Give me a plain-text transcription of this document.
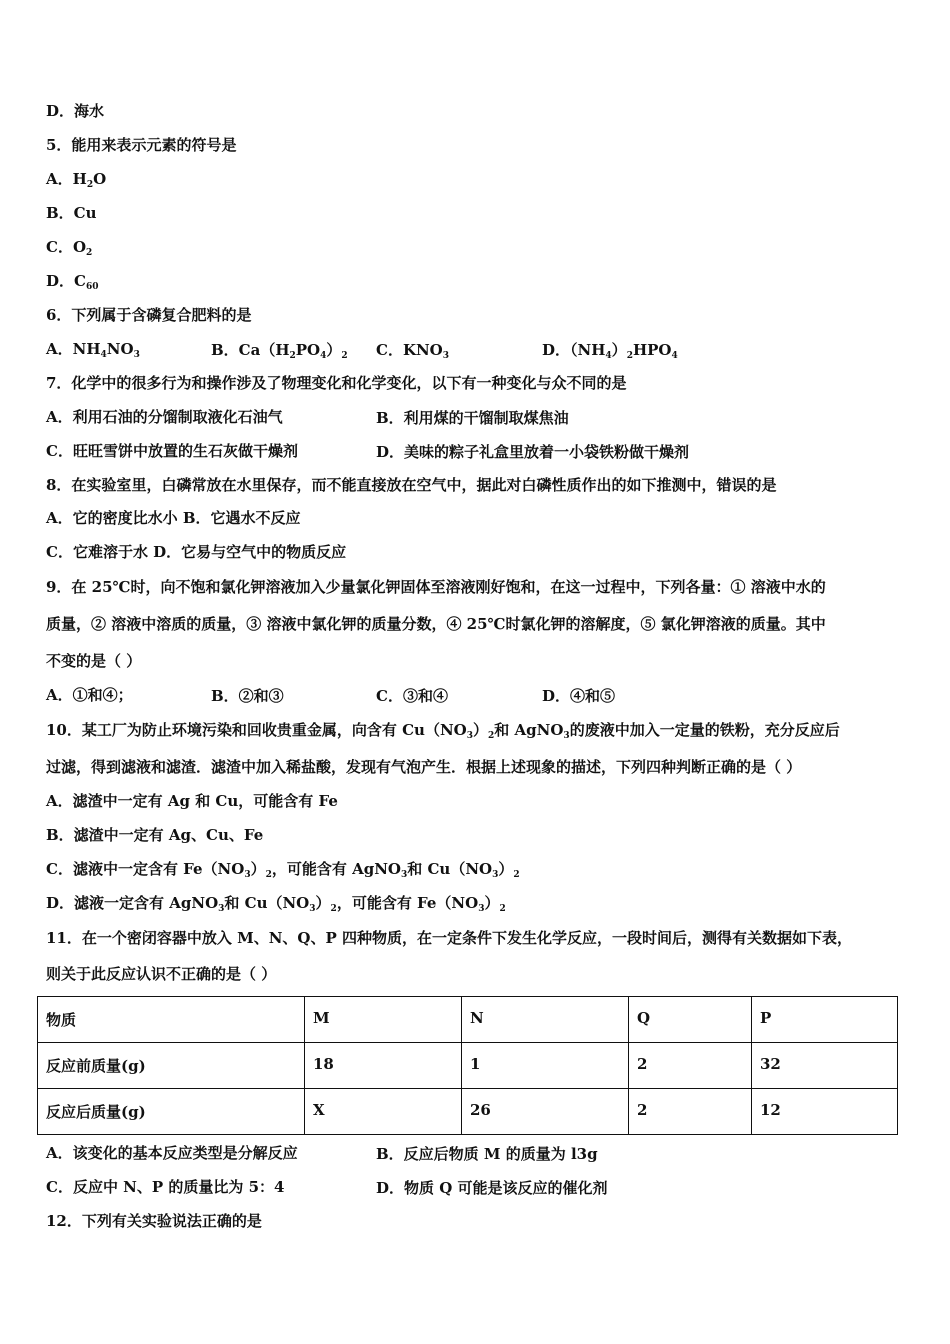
D．海水
5．能用来表示元素的符号是
A．$H_2O$
B．Cu
C．$O_2$
D．$C_{60}$
6．下列属于含磷复合肥料的是
A．$NH_4NO_3$	B．$Ca(H_2PO_4)_2$ C．$KNO_3$	D．$(NH_4)_2HPO_4$
7．化学中的很多行为和操作涉及了物理变化和化学变化，以下有一种变化与众不同的是
A．利用石油的分馏制取液化石油气	B．利用煤的干馏制取煤焦油
C．旺旺雪饼中放置的生石灰做干燥剂	D．美味的粽子礼盒里放着一小袋铁粉做干燥剂
8．在实验室里，白磷常放在水里保存，而不能直接放在空气中，据此对白磷性质作出的如下推测中，错误的是
A．它的密度比水小 B．它遇水不反应
C．它难溶于水 D．它易与空气中的物质反应
9．在 25℃时，向不饱和氯化钾溶液加入少量氯化钾固体至溶液刚好饱和，在这一过程中，下列各量：① 溶液中水的
质量，② 溶液中溶质的质量，③ 溶液中氯化钾的质量分数，④ 25℃时氯化钾的溶解度，⑤ 氯化钾溶液的质量。其中
不变的是（ ）
A．①和④；	B．②和③	C．③和④	D．④和⑤
10．某工厂为防止环境污染和回收贵重金属，向含有 $Cu(NO_3)_2$和 AgNO$_3$的废液中加入一定量的铁粉，充分反应后
过滤，得到滤液和滤渣．滤渣中加入稀盐酸，发现有气泡产生．根据上述现象的描述，下列四种判断正确的是（ ）
A．滤渣中一定有 Ag 和 Cu，可能含有 Fe
B．滤渣中一定有 Ag、Cu、Fe
C．滤液中一定含有 $Fe(NO_3)_2$，可能含有 AgNO$_3$和 $Cu(NO_3)_2$
D．滤液一定含有 AgNO$_3$和 $Cu(NO_3)_2$，可能含有 $Fe(NO_3)_2$
11．在一个密闭容器中放入 M、N、Q、P 四种物质，在一定条件下发生化学反应，一段时间后，测得有关数据如下表，
则关于此反应认识不正确的是（ ）
物质	M	N	Q	P
反应前质量(g)	18	1	2	32
反应后质量(g)	X	26	2	12
A．该变化的基本反应类型是分解反应	B．反应后物质 M 的质量为 l3g
C．反应中 N、P 的质量比为 5：4	D．物质 Q 可能是该反应的催化剂
12．下列有关实验说法正确的是
